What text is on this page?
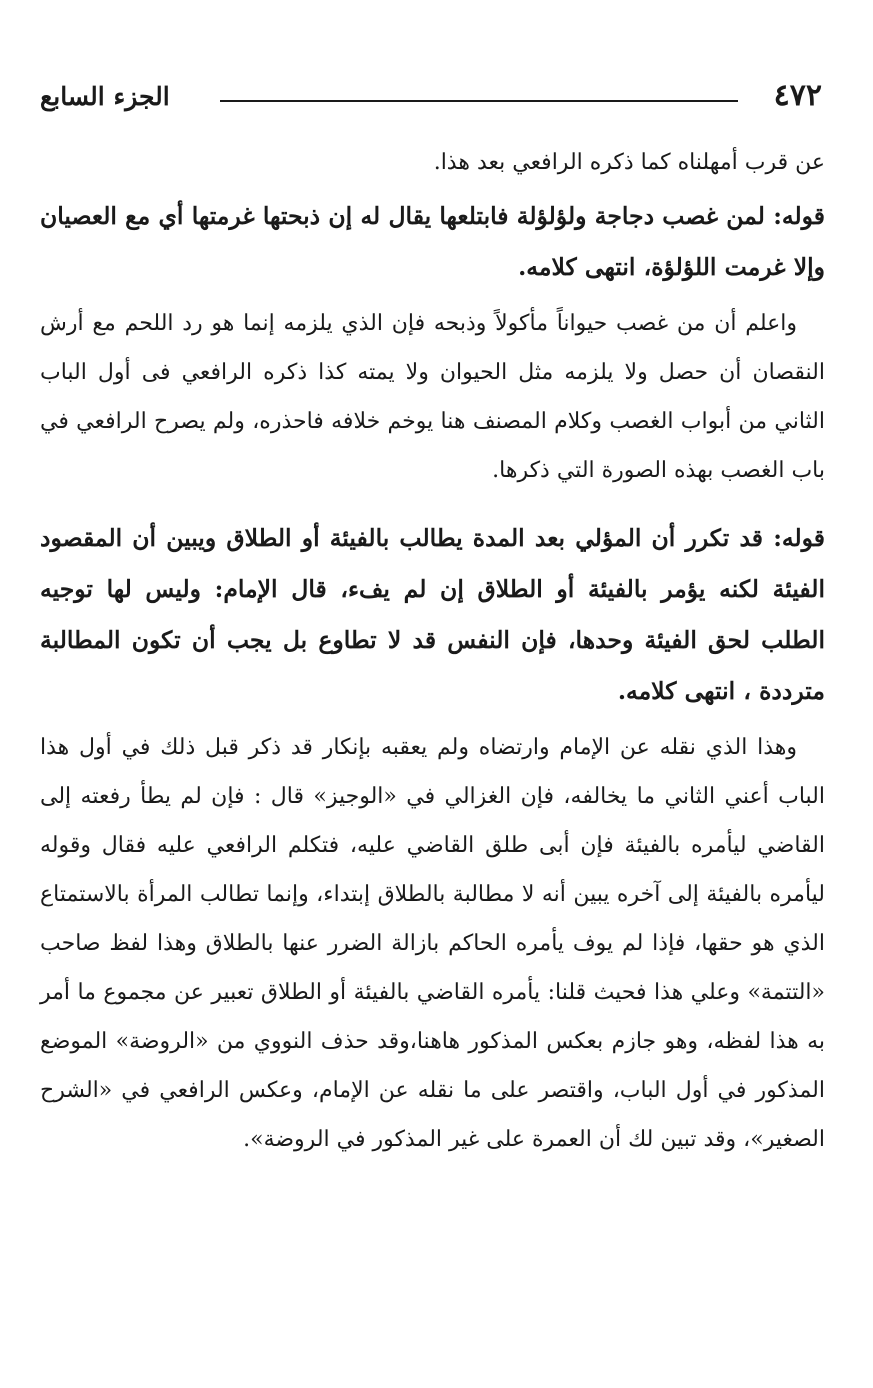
٤٧٢
الجزء السابع

عن قرب أمهلناه كما ذكره الرافعي بعد هذا.

قوله: لمن غصب دجاجة ولؤلؤلة فابتلعها يقال له إن ذبحتها غرمتها أي مع العصيان وإلا غرمت اللؤلؤة، انتهى كلامه.

واعلم أن من غصب حيواناً مأكولاً وذبحه فإن الذي يلزمه إنما هو رد اللحم مع أرش النقصان أن حصل ولا يلزمه مثل الحيوان ولا يمته كذا ذكره الرافعي فى أول الباب الثاني من أبواب الغصب وكلام المصنف هنا يوخم خلافه فاحذره، ولم يصرح الرافعي في باب الغصب بهذه الصورة التي ذكرها.

قوله: قد تكرر أن المؤلي بعد المدة يطالب بالفيئة أو الطلاق ويبين أن المقصود الفيئة لكنه يؤمر بالفيئة أو الطلاق إن لم يفء، قال الإمام: وليس لها توجيه الطلب لحق الفيئة وحدها، فإن النفس قد لا تطاوع بل يجب أن تكون المطالبة مترددة ، انتهى كلامه.

وهذا الذي نقله عن الإمام وارتضاه ولم يعقبه بإنكار قد ذكر قبل ذلك في أول هذا الباب أعني الثاني ما يخالفه، فإن الغزالي في «الوجيز» قال : فإن لم يطأ رفعته إلى القاضي ليأمره بالفيئة فإن أبى طلق القاضي عليه، فتكلم الرافعي عليه فقال وقوله ليأمره بالفيئة إلى آخره يبين أنه لا مطالبة بالطلاق إبتداء، وإنما تطالب المرأة بالاستمتاع الذي هو حقها، فإذا لم يوف يأمره الحاكم بازالة الضرر عنها بالطلاق وهذا لفظ صاحب «التتمة» وعلي هذا فحيث قلنا: يأمره القاضي بالفيئة أو الطلاق تعبير عن مجموع ما أمر به هذا لفظه، وهو جازم بعكس المذكور هاهنا،وقد حذف النووي من «الروضة» الموضع المذكور في أول الباب، واقتصر على ما نقله عن الإمام، وعكس الرافعي في «الشرح الصغير»، وقد تبين لك أن العمرة على غير المذكور في الروضة».
